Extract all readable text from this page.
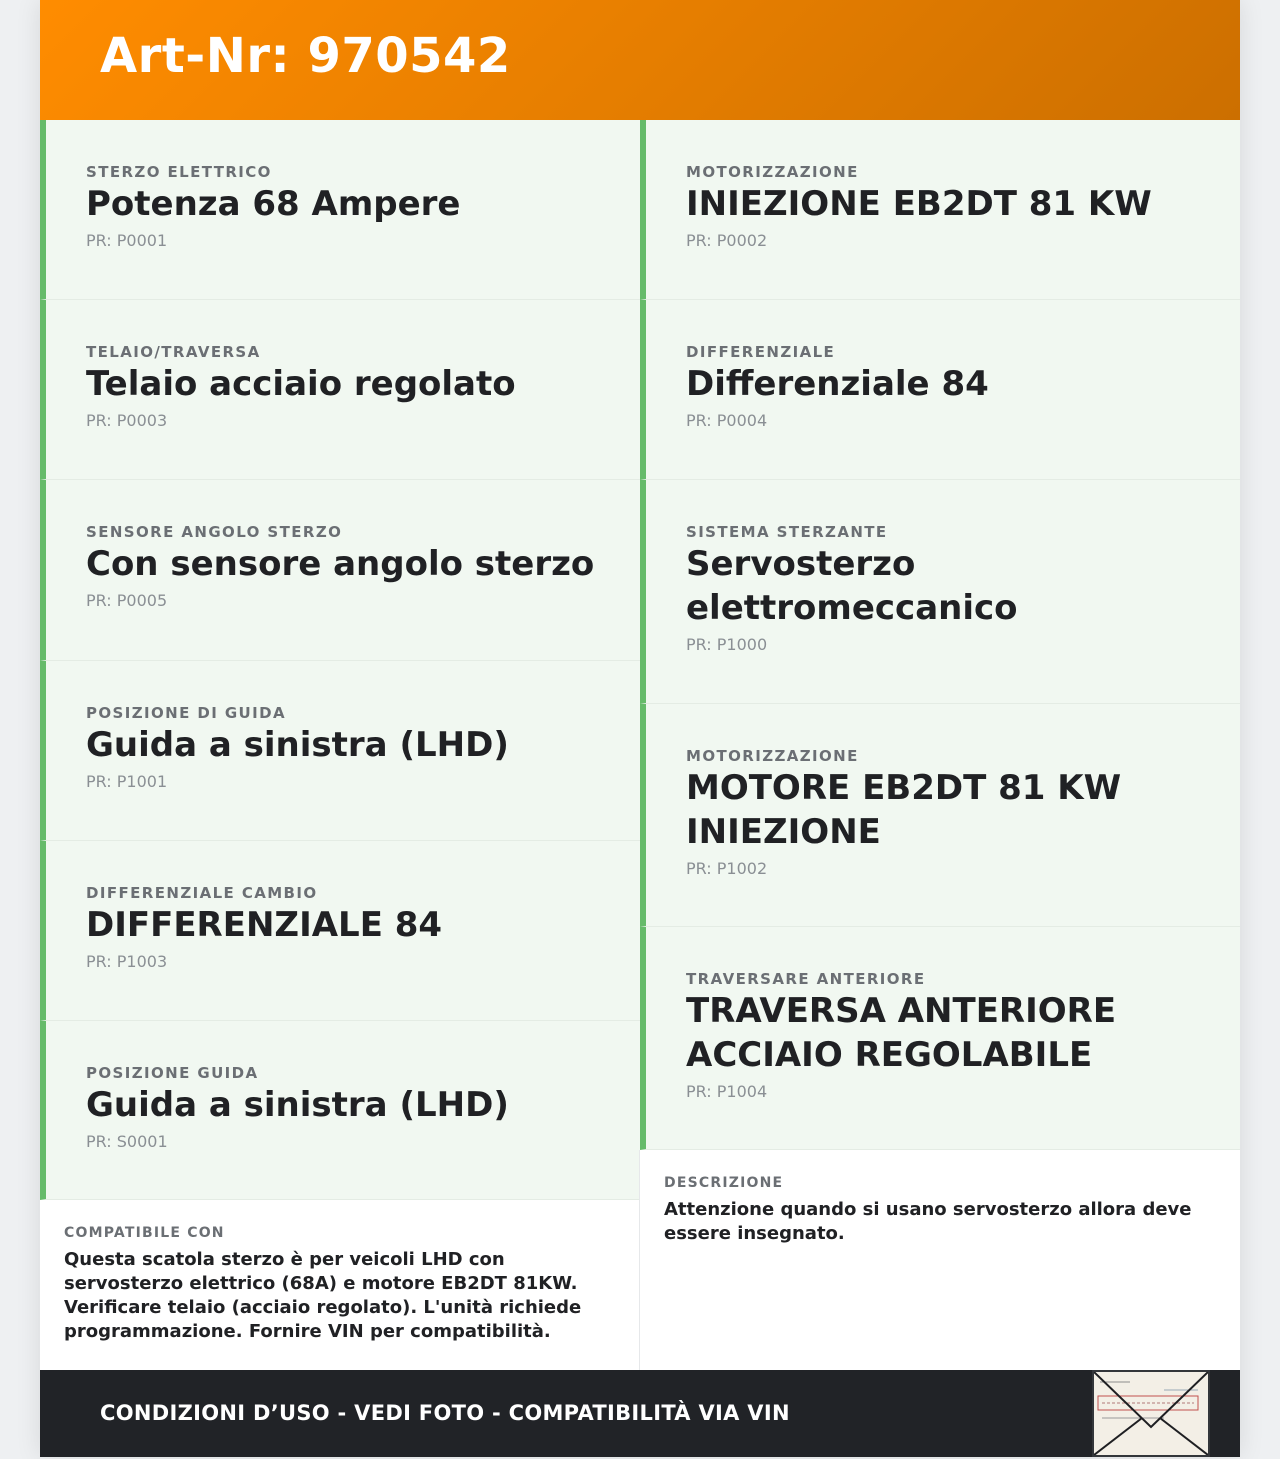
Art-Nr: 970542
STERZO ELETTRICO
Potenza 68 Ampere
PR: P0001
TELAIO/TRAVERSA
Telaio acciaio regolato
PR: P0003
SENSORE ANGOLO STERZO
Con sensore angolo sterzo
PR: P0005
POSIZIONE DI GUIDA
Guida a sinistra (LHD)
PR: P1001
DIFFERENZIALE CAMBIO
DIFFERENZIALE 84
PR: P1003
POSIZIONE GUIDA
Guida a sinistra (LHD)
PR: S0001
MOTORIZZAZIONE
INIEZIONE EB2DT 81 KW
PR: P0002
DIFFERENZIALE
Differenziale 84
PR: P0004
SISTEMA STERZANTE
Servosterzo elettromeccanico
PR: P1000
MOTORIZZAZIONE
MOTORE EB2DT 81 KW INIEZIONE
PR: P1002
TRAVERSARE ANTERIORE
TRAVERSA ANTERIORE ACCIAIO REGOLABILE
PR: P1004
COMPATIBILE CON
Questa scatola sterzo è per veicoli LHD con servosterzo elettrico (68A) e motore EB2DT 81KW. Verificare telaio (acciaio regolato). L'unità richiede programmazione. Fornire VIN per compatibilità.
DESCRIZIONE
Attenzione quando si usano servosterzo allora deve essere insegnato.
CONDIZIONI D’USO - VEDI FOTO - COMPATIBILITÀ VIA VIN
